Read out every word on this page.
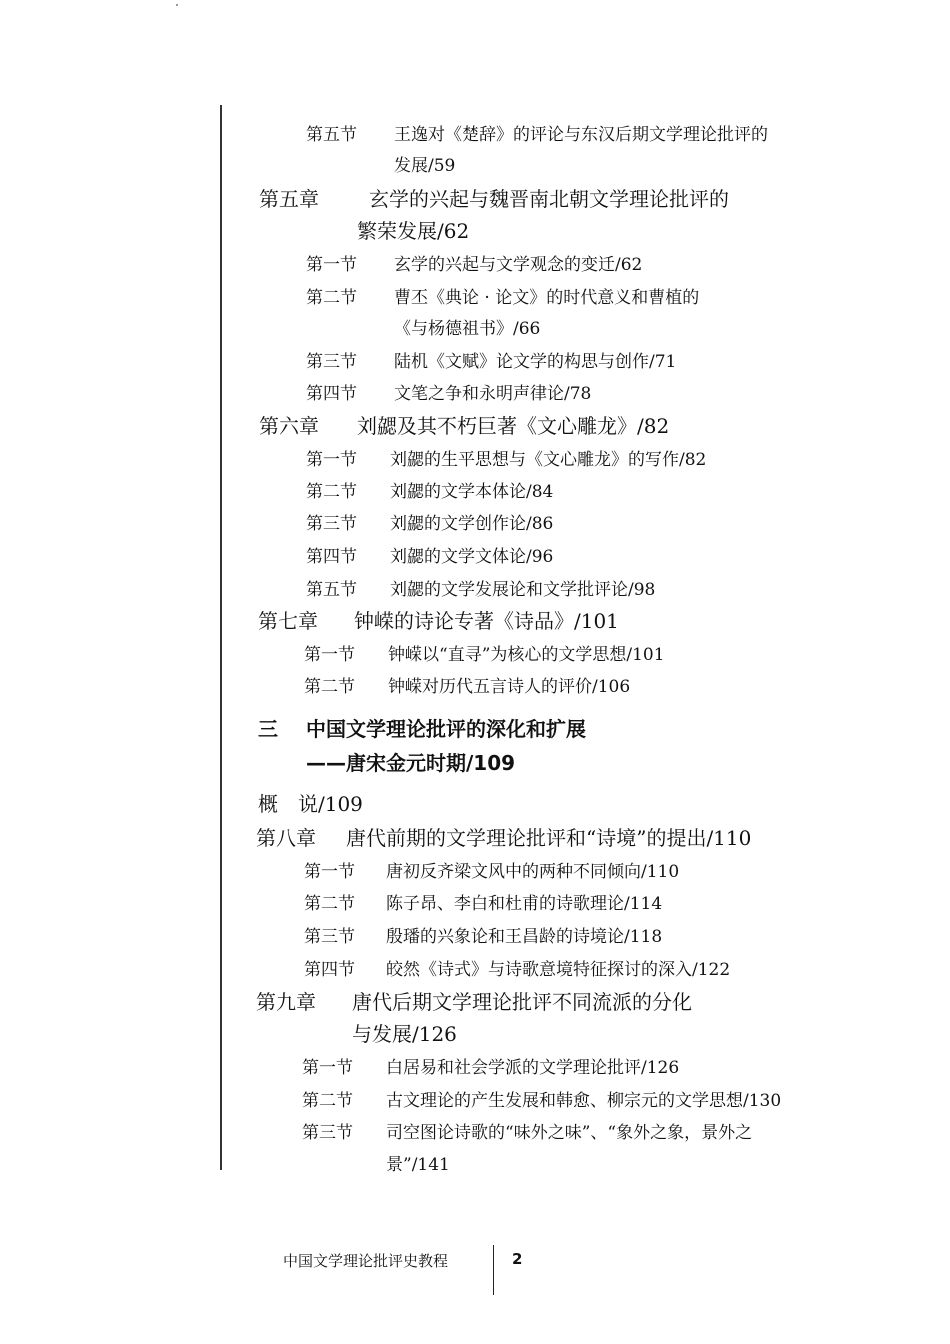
第五节 王逸对《楚辞》的评论与东汉后期文学理论批评的
发展/59
第五章	玄学的兴起与魏晋南北朝文学理论批评的
繁荣发展/62
第一节 玄学的兴起与文学观念的变迁/62
第二节 曹丕《典论 · 论文》的时代意义和曹植的
《与杨德祖书》/66
第三节 陆机《文赋》论文学的构思与创作/71
第四节 文笔之争和永明声律论/78
第六章 刘勰及其不朽巨著《文心雕龙》/82
第一节 刘勰的生平思想与《文心雕龙》的写作/82
第二节 刘勰的文学本体论/84
第三节 刘勰的文学创作论/86
第四节 刘勰的文学文体论/96
第五节 刘勰的文学发展论和文学批评论/98
第七章 钟嵘的诗论专著《诗品》/101
第一节 钟嵘以“直寻”为核心的文学思想/101
第二节 钟嵘对历代五言诗人的评价/106
三 中国文学理论批评的深化和扩展
——唐宋金元时期/109
概　说/109
第八章 唐代前期的文学理论批评和“诗境”的提出/110
第一节 唐初反齐梁文风中的两种不同倾向/110
第二节 陈子昂、李白和杜甫的诗歌理论/114
第三节 殷璠的兴象论和王昌龄的诗境论/118
第四节 皎然《诗式》与诗歌意境特征探讨的深入/122
第九章 唐代后期文学理论批评不同流派的分化
与发展/126
第一节 白居易和社会学派的文学理论批评/126
第二节 古文理论的产生发展和韩愈、柳宗元的文学思想/130
第三节 司空图论诗歌的“味外之味”、“象外之象，景外之
景”/141
中国文学理论批评史教程	2
